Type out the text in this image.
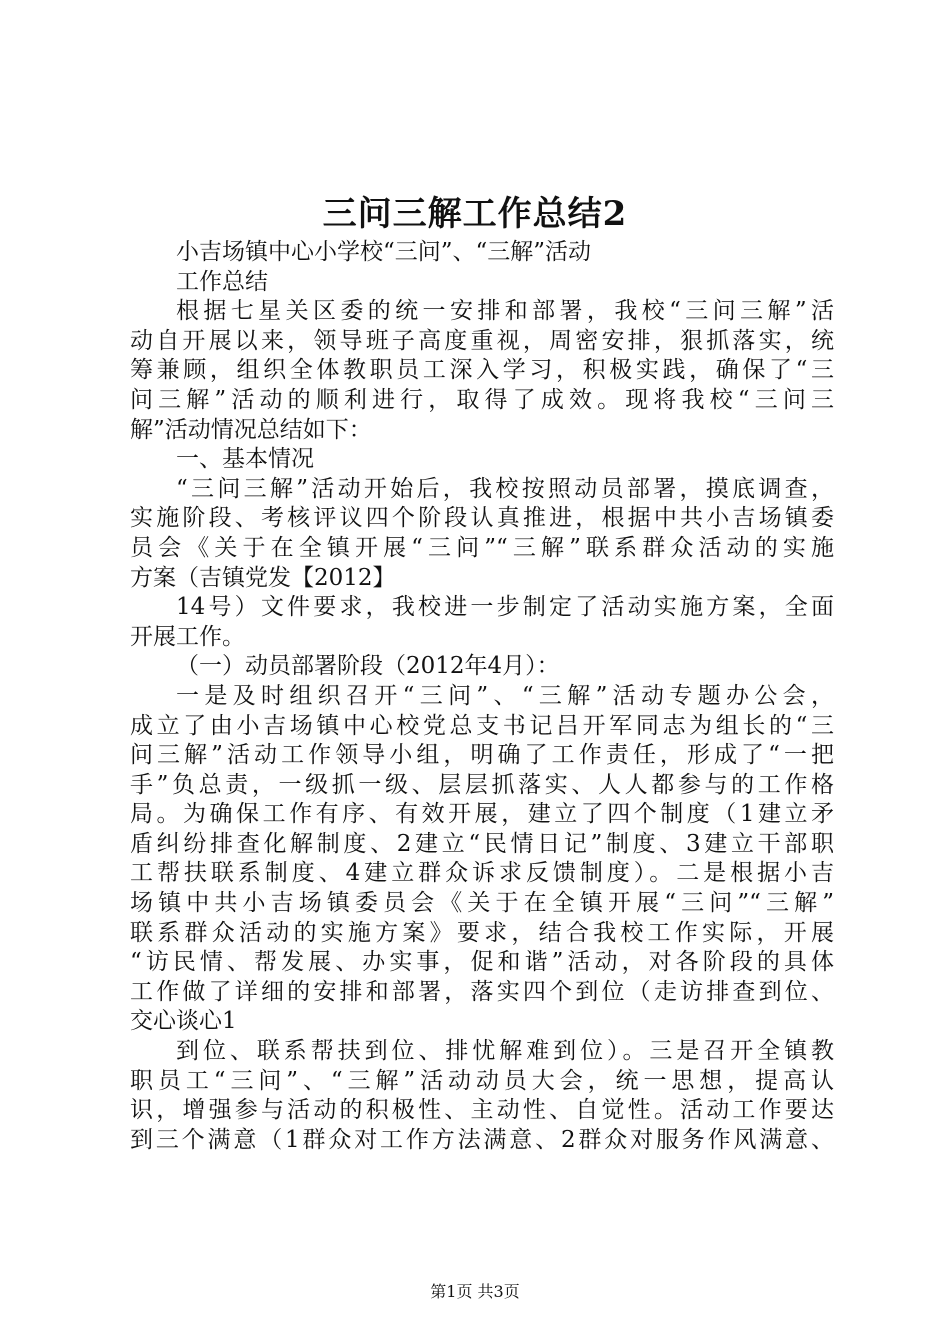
三问三解工作总结2
小吉场镇中心小学校“三问”、“三解”活动
工作总结
根据七星关区委的统一安排和部署，我校“三问三解”活
动自开展以来，领导班子高度重视，周密安排，狠抓落实，统
筹兼顾，组织全体教职员工深入学习，积极实践，确保了“三
问三解”活动的顺利进行，取得了成效。现将我校“三问三
解”活动情况总结如下：
一、基本情况
“三问三解”活动开始后，我校按照动员部署，摸底调查，
实施阶段、考核评议四个阶段认真推进，根据中共小吉场镇委
员会《关于在全镇开展“三问”“三解”联系群众活动的实施
方案（吉镇党发【2012】
14号）文件要求，我校进一步制定了活动实施方案，全面
开展工作。
（一）动员部署阶段（2012年4月）：
一是及时组织召开“三问”、“三解”活动专题办公会，
成立了由小吉场镇中心校党总支书记吕开军同志为组长的“三
问三解”活动工作领导小组，明确了工作责任，形成了“一把
手”负总责，一级抓一级、层层抓落实、人人都参与的工作格
局。为确保工作有序、有效开展，建立了四个制度（1建立矛
盾纠纷排查化解制度、2建立“民情日记”制度、3建立干部职
工帮扶联系制度、4建立群众诉求反馈制度）。二是根据小吉
场镇中共小吉场镇委员会《关于在全镇开展“三问”“三解”
联系群众活动的实施方案》要求，结合我校工作实际，开展
“访民情、帮发展、办实事，促和谐”活动，对各阶段的具体
工作做了详细的安排和部署，落实四个到位（走访排查到位、
交心谈心1
到位、联系帮扶到位、排忧解难到位）。三是召开全镇教
职员工“三问”、“三解”活动动员大会，统一思想，提高认
识，增强参与活动的积极性、主动性、自觉性。活动工作要达
到三个满意（1群众对工作方法满意、2群众对服务作风满意、
第1页 共3页
